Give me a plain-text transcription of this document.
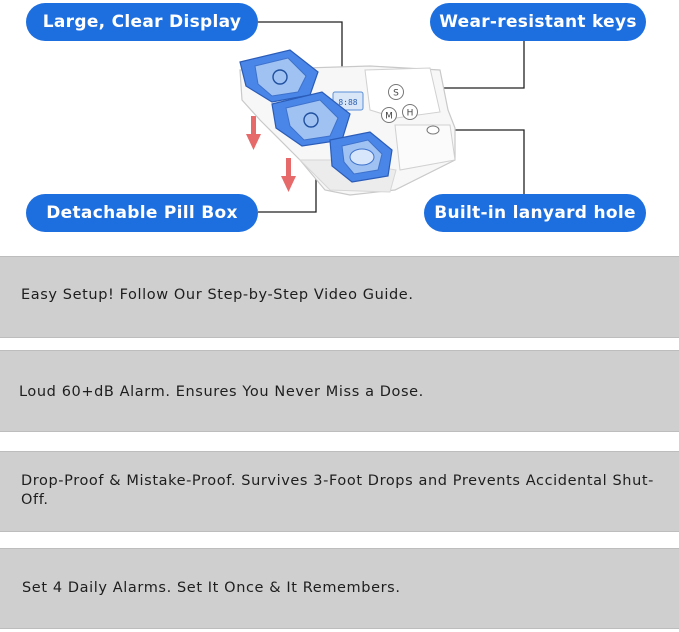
8:88
S
M H
Large, Clear Display	Wear-resistant keys
Detachable Pill Box	Built-in lanyard hole
Easy Setup! Follow Our Step-by-Step Video Guide.
Loud 60+dB Alarm. Ensures You Never Miss a Dose.
Drop-Proof & Mistake-Proof. Survives 3-Foot Drops and Prevents Accidental Shut-Off.
Set 4 Daily Alarms. Set It Once & It Remembers.
